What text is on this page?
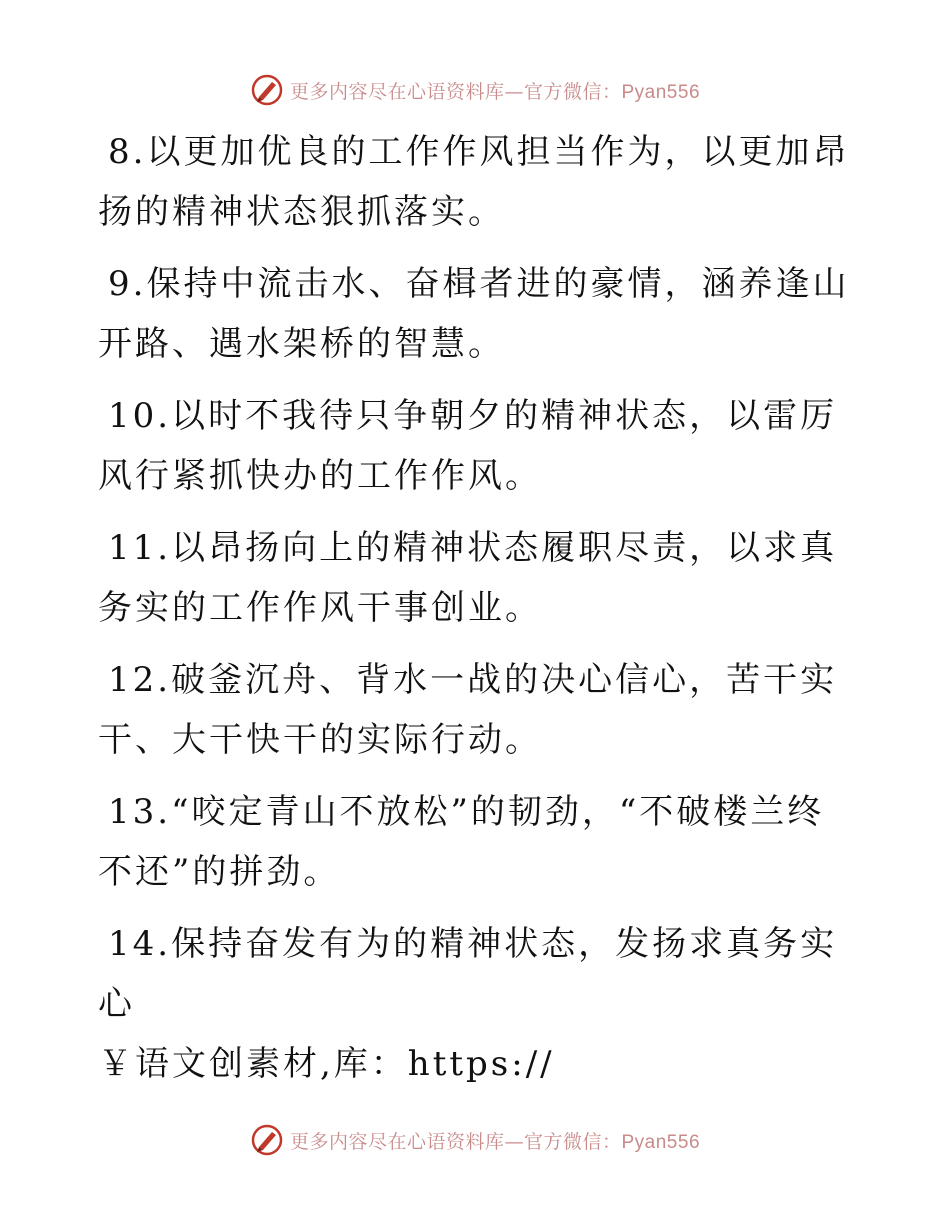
更多内容尽在心语资料库—官方微信：Pyan556

8.以更加优良的工作作风担当作为，以更加昂扬的精神状态狠抓落实。

9.保持中流击水、奋楫者进的豪情，涵养逢山开路、遇水架桥的智慧。

10.以时不我待只争朝夕的精神状态，以雷厉风行紧抓快办的工作作风。

11.以昂扬向上的精神状态履职尽责，以求真务实的工作作风干事创业。

12.破釜沉舟、背水一战的决心信心，苦干实干、大干快干的实际行动。

13.“咬定青山不放松”的韧劲，“不破楼兰终不还”的拼劲。

14.保持奋发有为的精神状态，发扬求真务实心

￥语文创素材,库：https://

更多内容尽在心语资料库—官方微信：Pyan556
